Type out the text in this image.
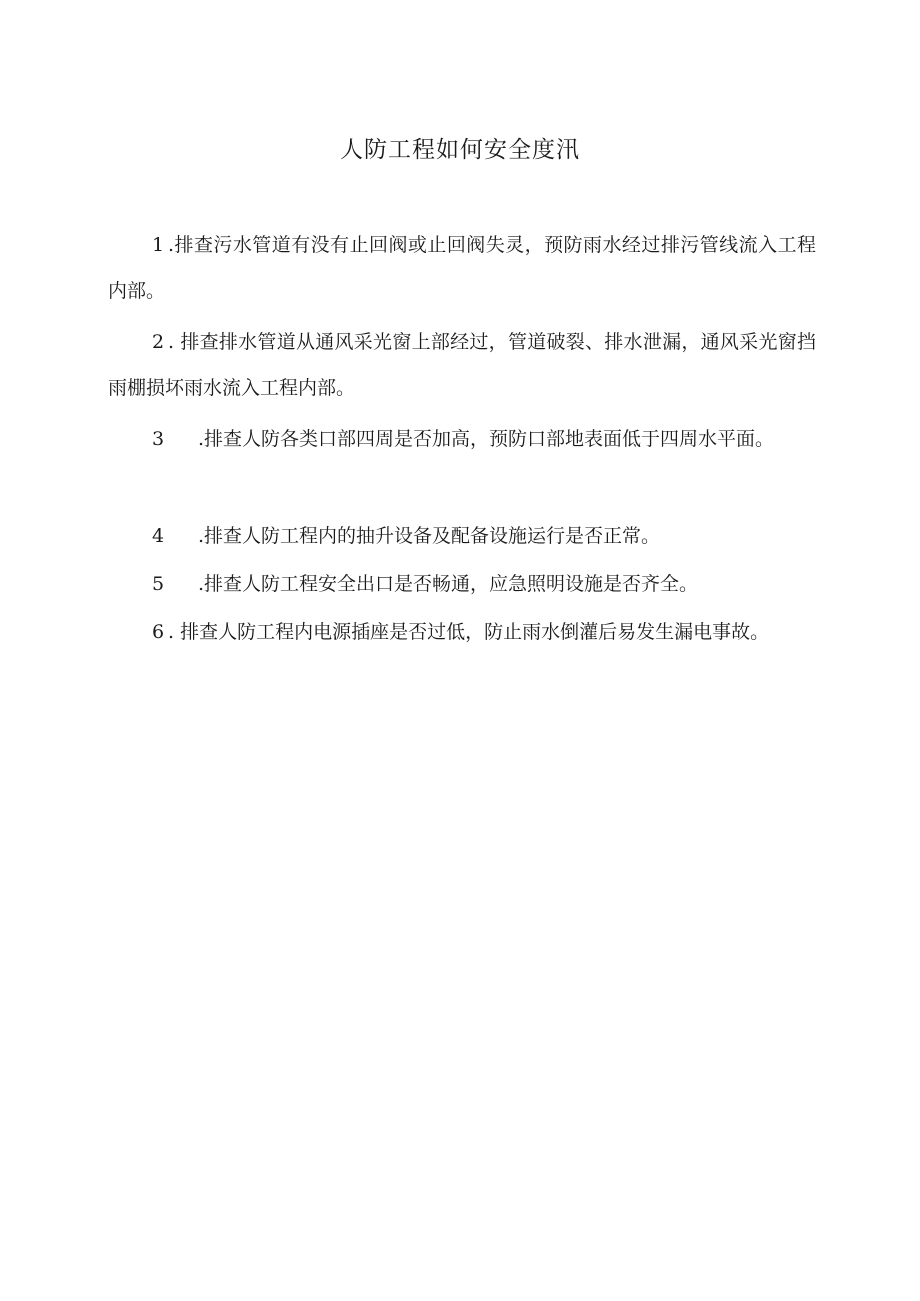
人防工程如何安全度汛

1 .排查污水管道有没有止回阀或止回阀失灵，预防雨水经过排污管线流入工程内部。

2 . 排查排水管道从通风采光窗上部经过，管道破裂、排水泄漏，通风采光窗挡雨棚损坏雨水流入工程内部。

3 .排查人防各类口部四周是否加高，预防口部地表面低于四周水平面。

4 .排查人防工程内的抽升设备及配备设施运行是否正常。

5 .排查人防工程安全出口是否畅通，应急照明设施是否齐全。

6 . 排查人防工程内电源插座是否过低，防止雨水倒灌后易发生漏电事故。
